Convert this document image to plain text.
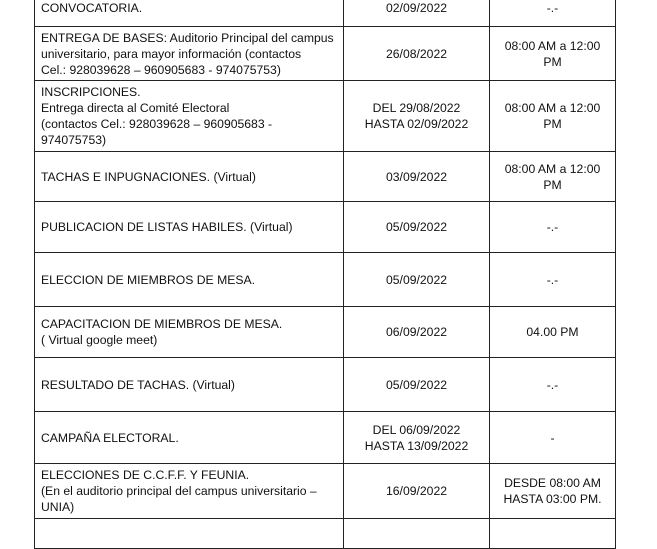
CONVOCATORIA.	02/09/2022	-.-

ENTREGA DE BASES: Auditorio Principal del campus
universitario, para mayor información (contactos
Cel.: 928039628 – 960905683 - 974075753)	26/08/2022	08:00 AM a 12:00
PM

INSCRIPCIONES.
Entrega directa al Comité Electoral
(contactos Cel.: 928039628 – 960905683 -
974075753)	DEL 29/08/2022
HASTA 02/09/2022	08:00 AM a 12:00
PM

TACHAS E INPUGNACIONES. (Virtual)	03/09/2022	08:00 AM a 12:00
PM

PUBLICACION DE LISTAS HABILES. (Virtual)	05/09/2022	-.-

ELECCION DE MIEMBROS DE MESA.	05/09/2022	-.-

CAPACITACION DE MIEMBROS DE MESA.
( Virtual google meet)	06/09/2022	04.00 PM

RESULTADO DE TACHAS. (Virtual)	05/09/2022	-.-

CAMPAÑA ELECTORAL.	DEL 06/09/2022
HASTA 13/09/2022	-

ELECCIONES DE C.C.F.F. Y FEUNIA.
(En el auditorio principal del campus universitario –
UNIA)	16/09/2022	DESDE 08:00 AM
HASTA 03:00 PM.
